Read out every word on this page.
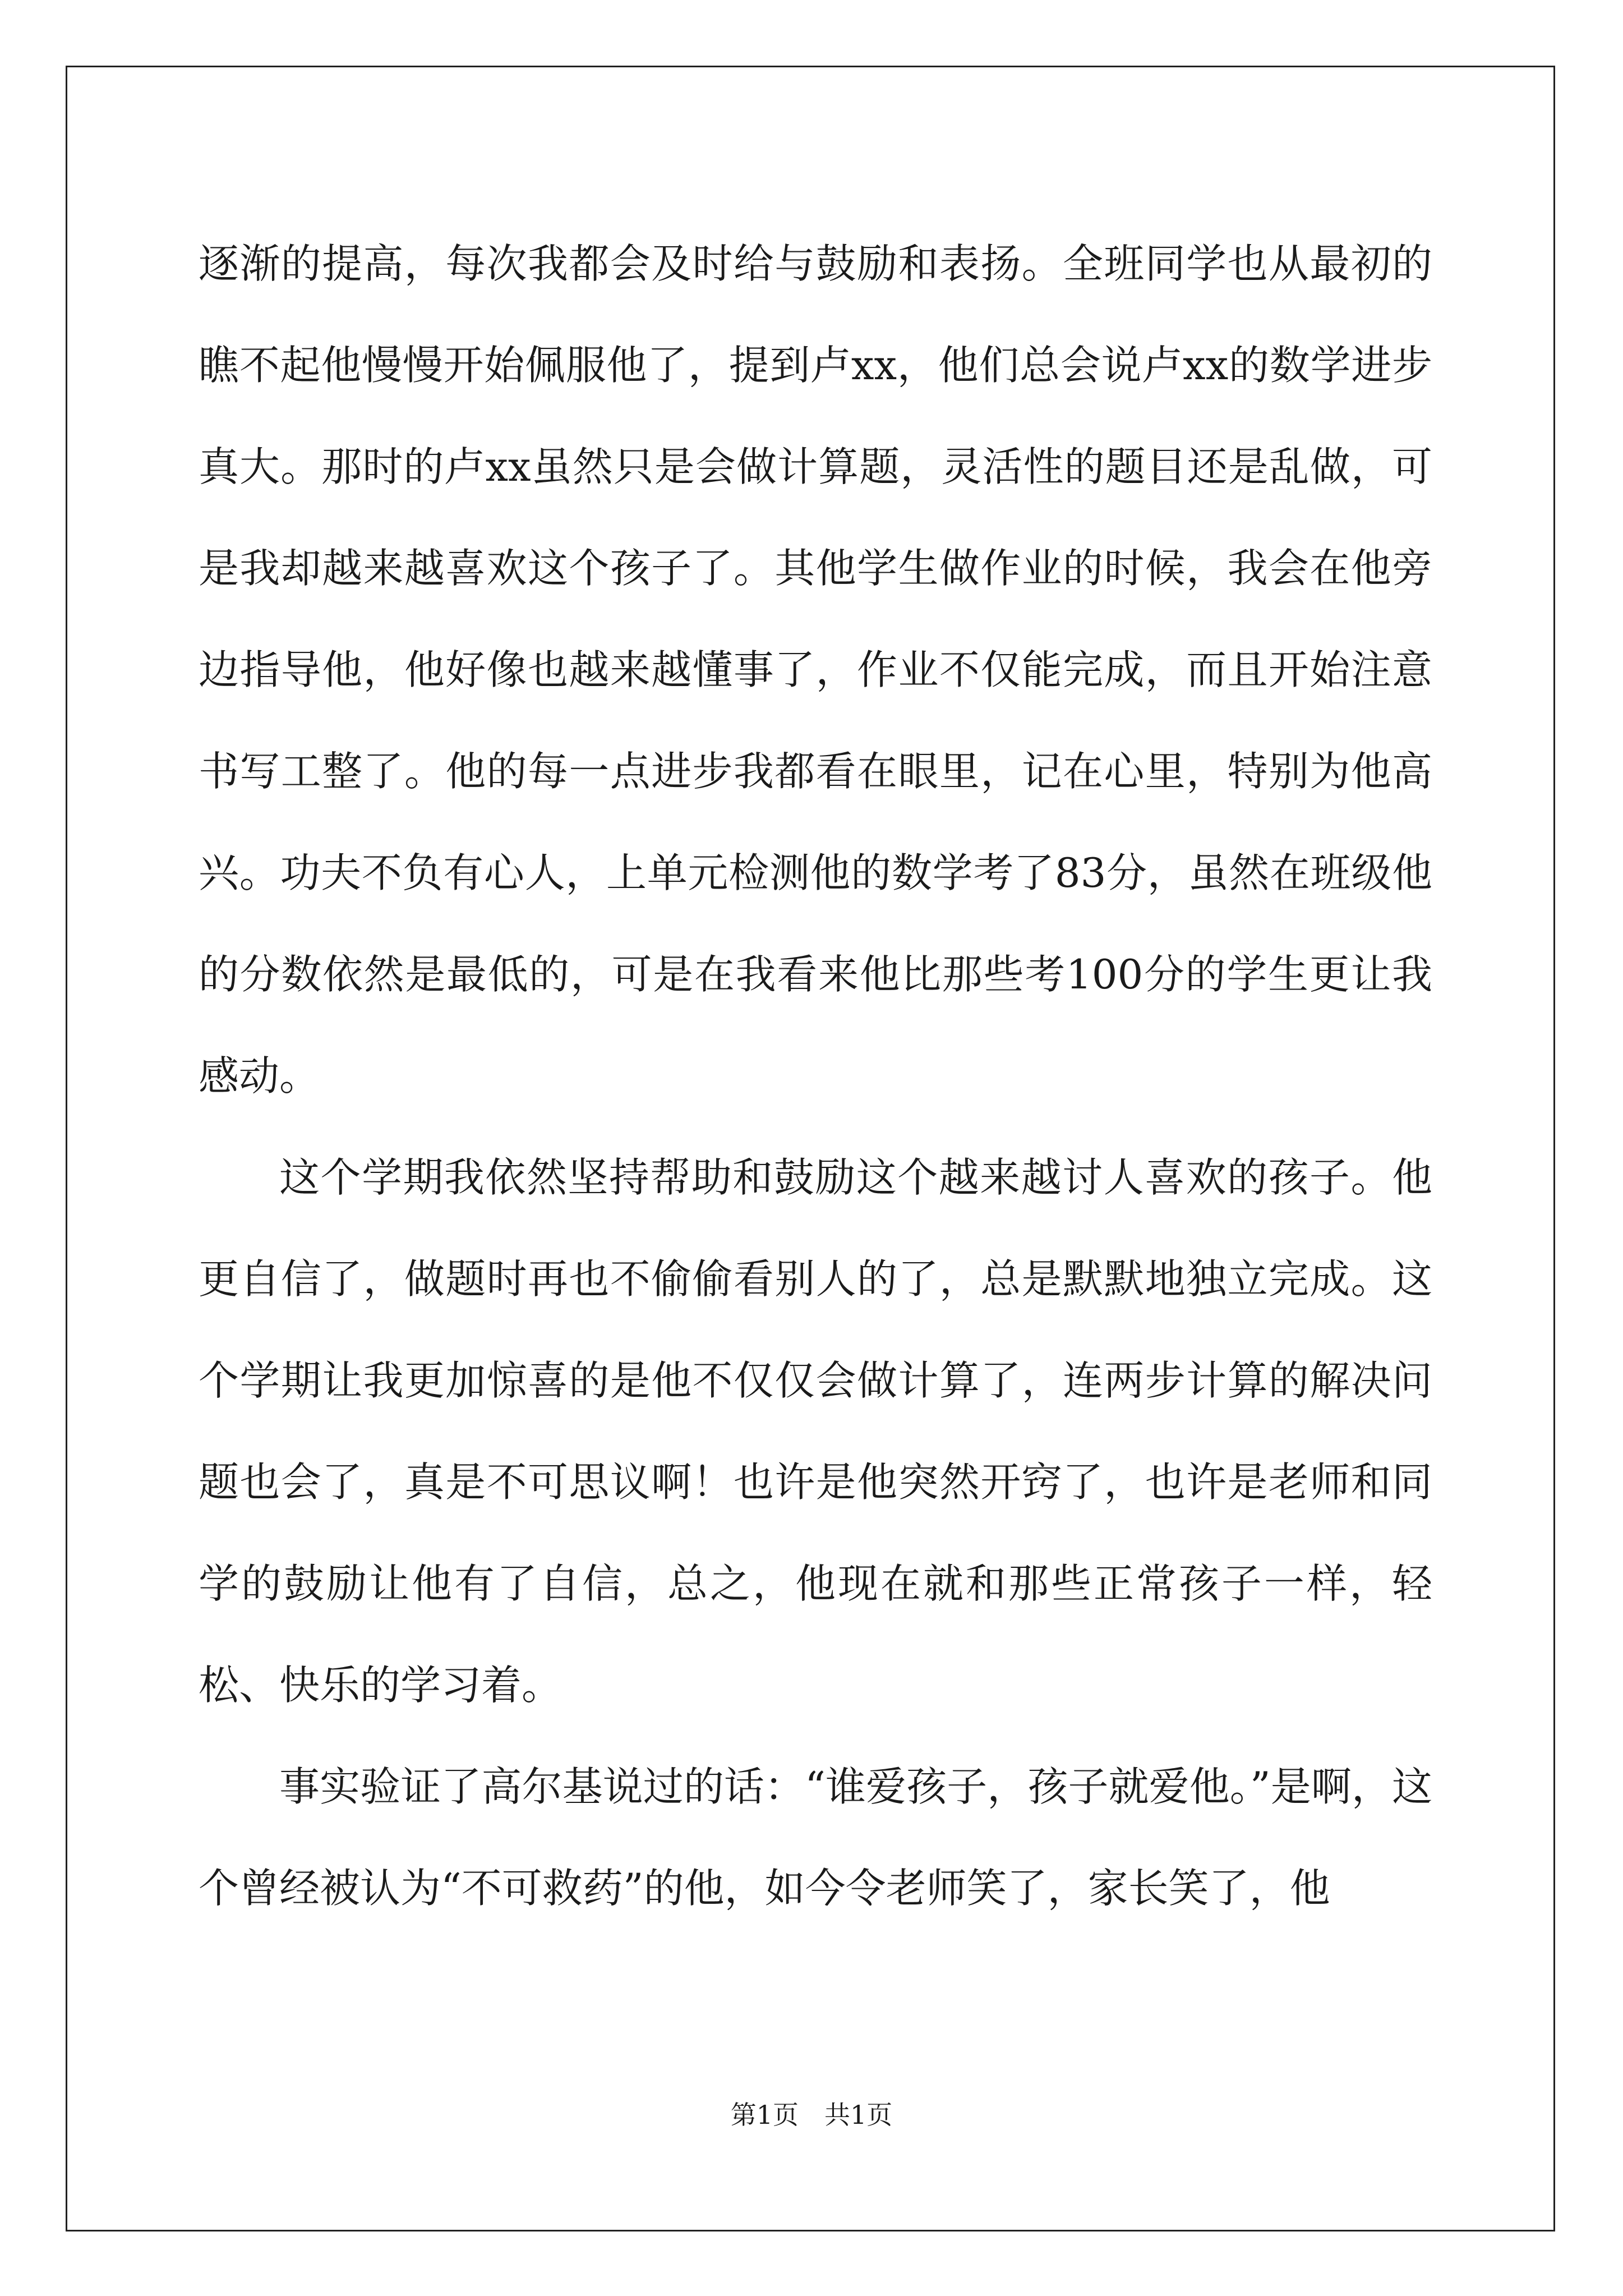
逐渐的提高，每次我都会及时给与鼓励和表扬。全班同学也从最初的瞧不起他慢慢开始佩服他了，提到卢xx，他们总会说卢xx的数学进步真大。那时的卢xx虽然只是会做计算题，灵活性的题目还是乱做，可是我却越来越喜欢这个孩子了。其他学生做作业的时候，我会在他旁边指导他，他好像也越来越懂事了，作业不仅能完成，而且开始注意书写工整了。他的每一点进步我都看在眼里，记在心里，特别为他高兴。功夫不负有心人，上单元检测他的数学考了83分，虽然在班级他的分数依然是最低的，可是在我看来他比那些考100分的学生更让我感动。

这个学期我依然坚持帮助和鼓励这个越来越讨人喜欢的孩子。他更自信了，做题时再也不偷偷看别人的了，总是默默地独立完成。这个学期让我更加惊喜的是他不仅仅会做计算了，连两步计算的解决问题也会了，真是不可思议啊！也许是他突然开窍了，也许是老师和同学的鼓励让他有了自信，总之，他现在就和那些正常孩子一样，轻松、快乐的学习着。

事实验证了高尔基说过的话：“谁爱孩子，孩子就爱他。”是啊，这个曾经被认为“不可救药”的他，如今令老师笑了，家长笑了，他

第1页 共1页
